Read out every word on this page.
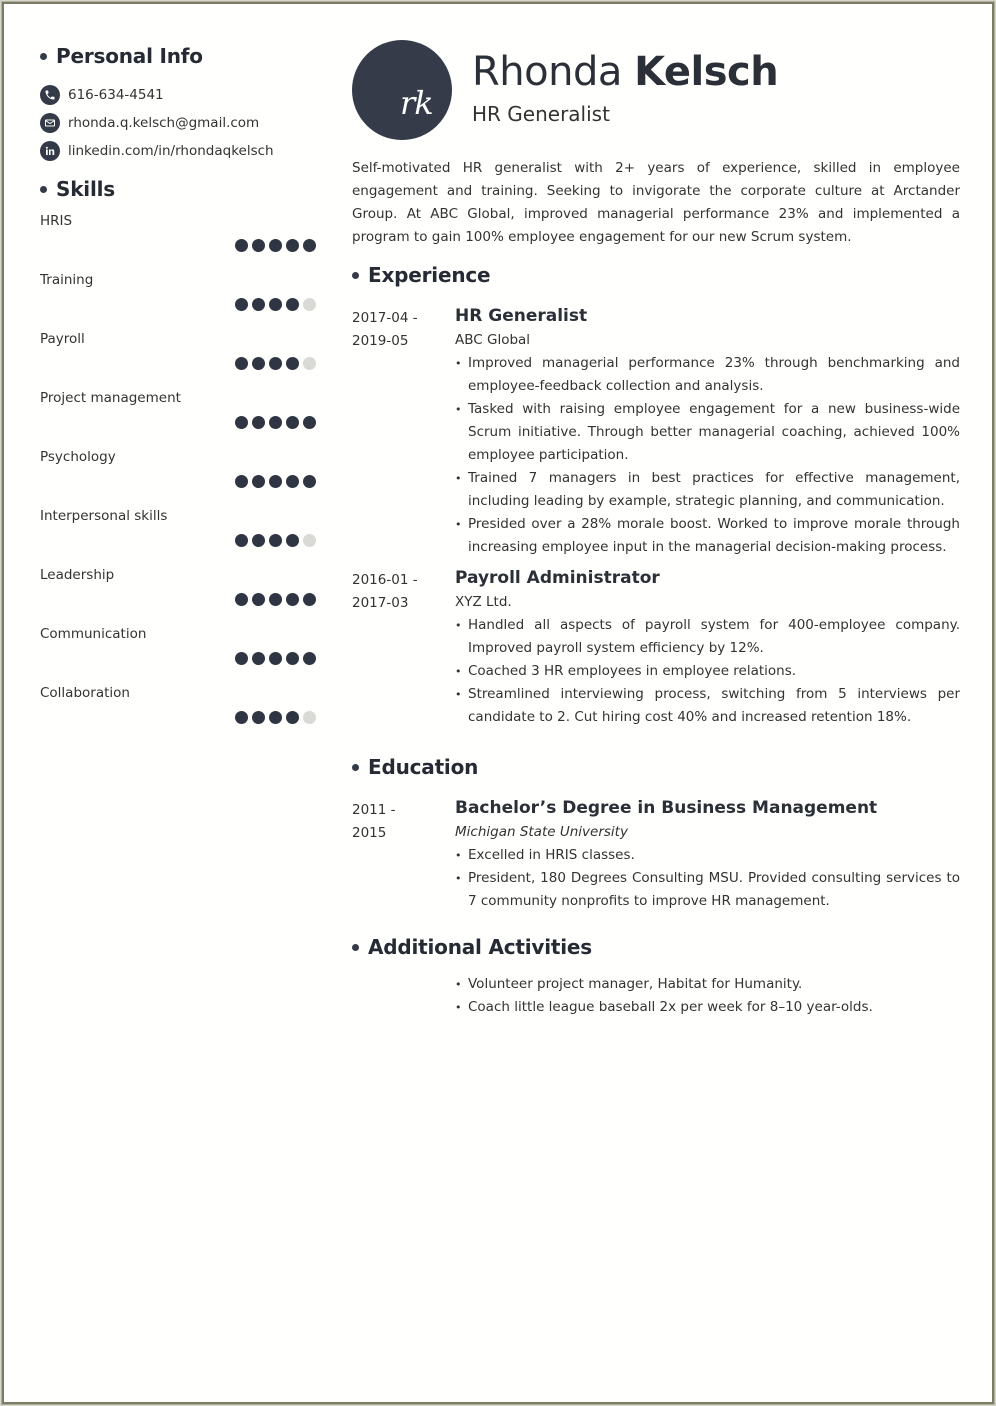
Personal Info
616-634-4541
rhonda.q.kelsch@gmail.com
linkedin.com/in/rhondaqkelsch
Skills
HRIS
Training
Payroll
Project management
Psychology
Interpersonal skills
Leadership
Communication
Collaboration
rk
Rhonda Kelsch
HR Generalist

Self-motivated HR generalist with 2+ years of experience, skilled in employee engagement and training. Seeking to invigorate the corporate culture at Arctander Group. At ABC Global, improved managerial performance 23% and implemented a program to gain 100% employee engagement for our new Scrum system.

Experience
2017-04 -
2019-05
HR Generalist
ABC Global
• Improved managerial performance 23% through benchmarking and employee-feedback collection and analysis.
• Tasked with raising employee engagement for a new business-wide Scrum initiative. Through better managerial coaching, achieved 100% employee participation.
• Trained 7 managers in best practices for effective management, including leading by example, strategic planning, and communication.
• Presided over a 28% morale boost. Worked to improve morale through increasing employee input in the managerial decision-making process.
2016-01 -
2017-03
Payroll Administrator
XYZ Ltd.
• Handled all aspects of payroll system for 400-employee company. Improved payroll system efficiency by 12%.
• Coached 3 HR employees in employee relations.
• Streamlined interviewing process, switching from 5 interviews per candidate to 2. Cut hiring cost 40% and increased retention 18%.
Education
2011 -
2015
Bachelor’s Degree in Business Management
Michigan State University
• Excelled in HRIS classes.
• President, 180 Degrees Consulting MSU. Provided consulting services to 7 community nonprofits to improve HR management.
Additional Activities
• Volunteer project manager, Habitat for Humanity.
• Coach little league baseball 2x per week for 8–10 year-olds.
